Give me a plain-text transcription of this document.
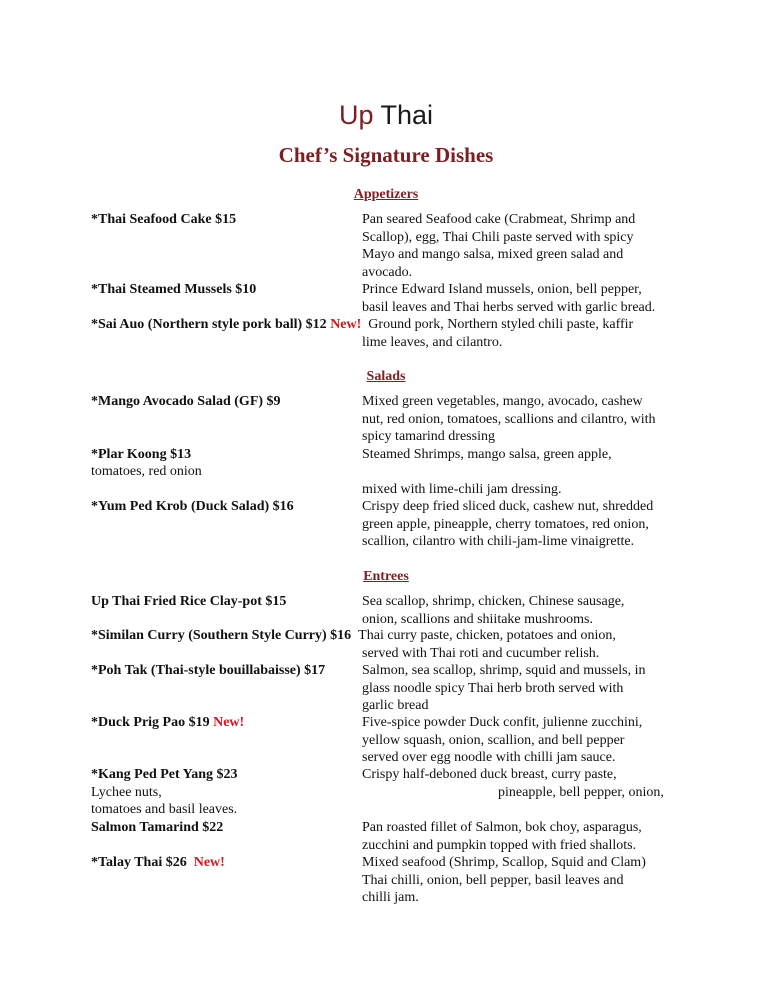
Up Thai
Chef’s Signature Dishes
Appetizers
*Thai Seafood Cake $15	Pan seared Seafood cake (Crabmeat, Shrimp and
Scallop), egg, Thai Chili paste served with spicy
Mayo and mango salsa, mixed green salad and
avocado.
*Thai Steamed Mussels $10	Prince Edward Island mussels, onion, bell pepper,
basil leaves and Thai herbs served with garlic bread.
*Sai Auo (Northern style pork ball) $12 New! Ground pork, Northern styled chili paste, kaffir
lime leaves, and cilantro.
Salads
*Mango Avocado Salad (GF) $9	Mixed green vegetables, mango, avocado, cashew
nut, red onion, tomatoes, scallions and cilantro, with
spicy tamarind dressing
*Plar Koong $13	Steamed Shrimps, mango salsa, green apple,
tomatoes, red onion
mixed with lime-chili jam dressing.
*Yum Ped Krob (Duck Salad) $16	Crispy deep fried sliced duck, cashew nut, shredded
green apple, pineapple, cherry tomatoes, red onion,
scallion, cilantro with chili-jam-lime vinaigrette.
Entrees
Up Thai Fried Rice Clay-pot $15	Sea scallop, shrimp, chicken, Chinese sausage,
onion, scallions and shiitake mushrooms.
*Similan Curry (Southern Style Curry) $16 Thai curry paste, chicken, potatoes and onion,
served with Thai roti and cucumber relish.
*Poh Tak (Thai-style bouillabaisse) $17	Salmon, sea scallop, shrimp, squid and mussels, in
glass noodle spicy Thai herb broth served with
garlic bread
*Duck Prig Pao $19 New!	Five-spice powder Duck confit, julienne zucchini,
yellow squash, onion, scallion, and bell pepper
served over egg noodle with chilli jam sauce.
*Kang Ped Pet Yang $23	Crispy half-deboned duck breast, curry paste,
Lychee nuts,	pineapple, bell pepper, onion,
tomatoes and basil leaves.
Salmon Tamarind $22	Pan roasted fillet of Salmon, bok choy, asparagus,
zucchini and pumpkin topped with fried shallots.
*Talay Thai $26 New!	Mixed seafood (Shrimp, Scallop, Squid and Clam)
Thai chilli, onion, bell pepper, basil leaves and
chilli jam.
